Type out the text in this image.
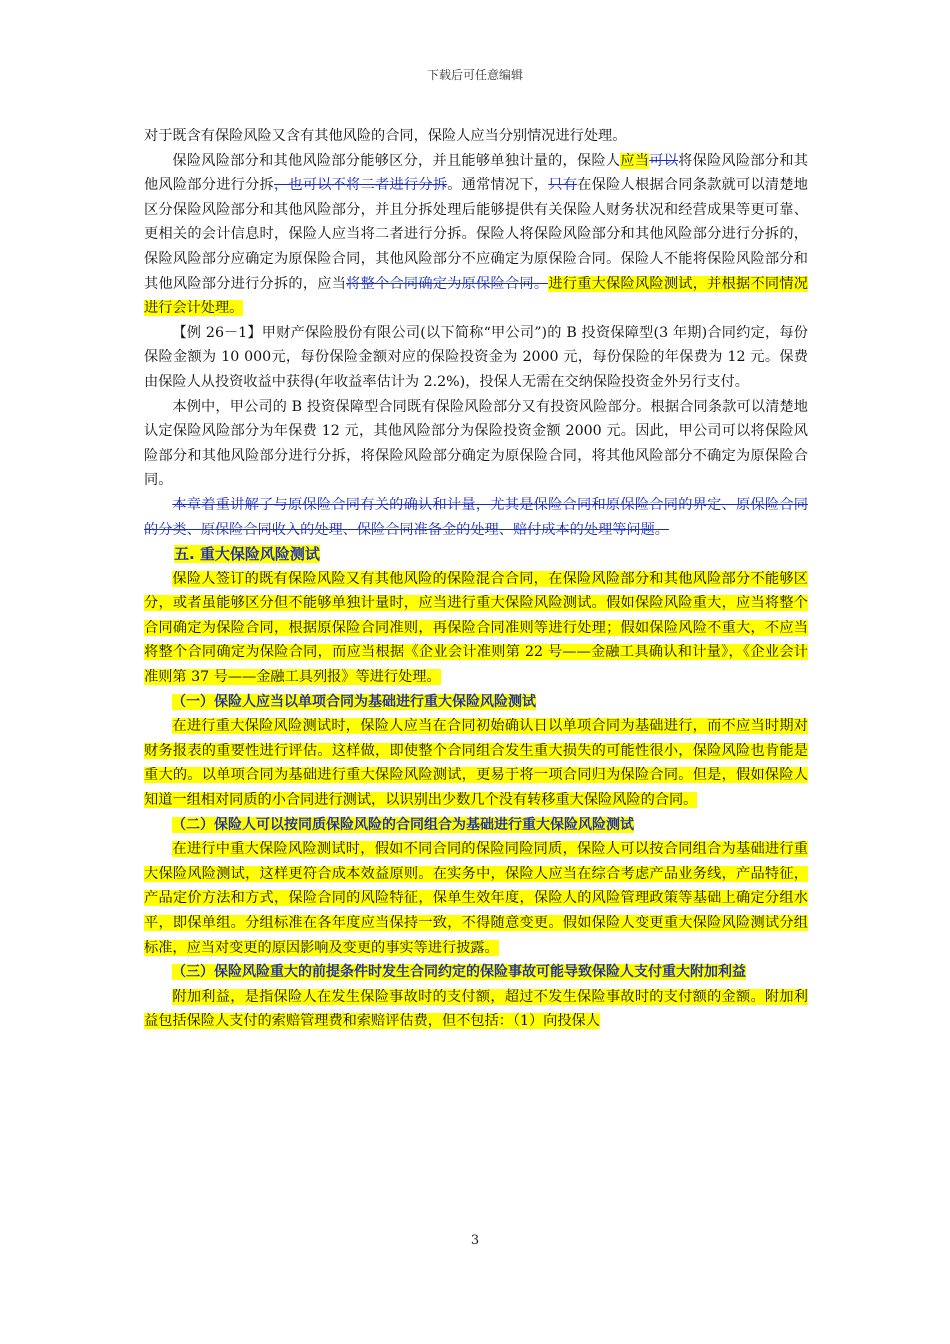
下载后可任意编辑

对于既含有保险风险又含有其他风险的合同，保险人应当分别情况进行处理。

保险风险部分和其他风险部分能够区分，并且能够单独计量的，保险人应当可以将保险风险部分和其他风险部分进行分拆，也可以不将二者进行分拆。通常情况下，只有在保险人根据合同条款就可以清楚地区分保险风险部分和其他风险部分，并且分拆处理后能够提供有关保险人财务状况和经营成果等更可靠、更相关的会计信息时，保险人应当将二者进行分拆。保险人将保险风险部分和其他风险部分进行分拆的，保险风险部分应确定为原保险合同，其他风险部分不应确定为原保险合同。保险人不能将保险风险部分和其他风险部分进行分拆的，应当将整个合同确定为原保险合同。进行重大保险风险测试，并根据不同情况进行会计处理。

【例 26－1】甲财产保险股份有限公司(以下简称“甲公司”)的 B 投资保障型(3 年期)合同约定，每份保险金额为 10 000元，每份保险金额对应的保险投资金为 2000 元，每份保险的年保费为 12 元。保费由保险人从投资收益中获得(年收益率估计为 2.2%)，投保人无需在交纳保险投资金外另行支付。

本例中，甲公司的 B 投资保障型合同既有保险风险部分又有投资风险部分。根据合同条款可以清楚地认定保险风险部分为年保费 12 元，其他风险部分为保险投资金额 2000 元。因此，甲公司可以将保险风险部分和其他风险部分进行分拆，将保险风险部分确定为原保险合同，将其他风险部分不确定为原保险合同。

本章着重讲解了与原保险合同有关的确认和计量，尤其是保险合同和原保险合同的界定、原保险合同的分类、原保险合同收入的处理、保险合同准备金的处理、赔付成本的处理等问题。

五. 重大保险风险测试

保险人签订的既有保险风险又有其他风险的保险混合合同，在保险风险部分和其他风险部分不能够区分，或者虽能够区分但不能够单独计量时，应当进行重大保险风险测试。假如保险风险重大，应当将整个合同确定为保险合同，根据原保险合同准则，再保险合同准则等进行处理；假如保险风险不重大，不应当将整个合同确定为保险合同，而应当根据《企业会计准则第 22 号——金融工具确认和计量》，《企业会计准则第 37 号——金融工具列报》等进行处理。

（一）保险人应当以单项合同为基础进行重大保险风险测试

在进行重大保险风险测试时，保险人应当在合同初始确认日以单项合同为基础进行，而不应当时期对财务报表的重要性进行评估。这样做，即使整个合同组合发生重大损失的可能性很小，保险风险也肯能是重大的。以单项合同为基础进行重大保险风险测试，更易于将一项合同归为保险合同。但是，假如保险人知道一组相对同质的小合同进行测试，以识别出少数几个没有转移重大保险风险的合同。

（二）保险人可以按同质保险风险的合同组合为基础进行重大保险风险测试

在进行中重大保险风险测试时，假如不同合同的保险同险同质，保险人可以按合同组合为基础进行重大保险风险测试，这样更符合成本效益原则。在实务中，保险人应当在综合考虑产品业务线，产品特征，产品定价方法和方式，保险合同的风险特征，保单生效年度，保险人的风险管理政策等基础上确定分组水平，即保单组。分组标准在各年度应当保持一致，不得随意变更。假如保险人变更重大保险风险测试分组标准，应当对变更的原因影响及变更的事实等进行披露。

（三）保险风险重大的前提条件时发生合同约定的保险事故可能导致保险人支付重大附加利益

附加利益，是指保险人在发生保险事故时的支付额，超过不发生保险事故时的支付额的金额。附加利益包括保险人支付的索赔管理费和索赔评估费，但不包括：（1）向投保人

3
